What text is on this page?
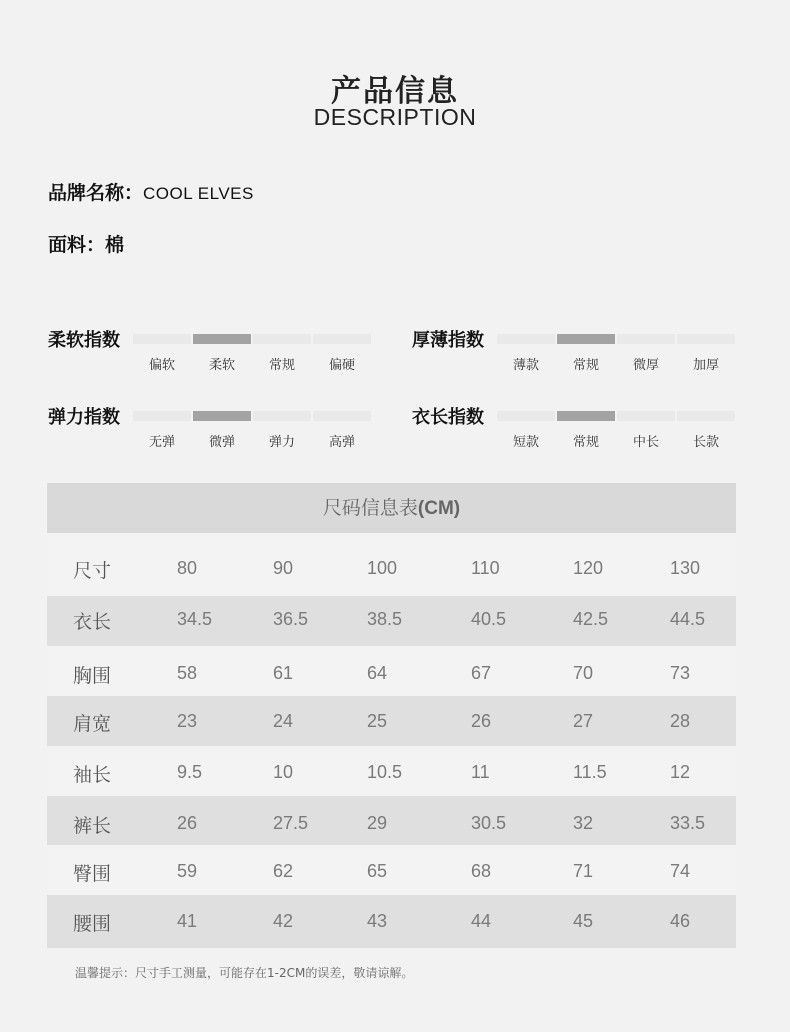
产品信息
DESCRIPTION
品牌名称：COOL ELVES
面料：棉
柔软指数
偏软	柔软	常规	偏硬
厚薄指数
薄款	常规	微厚	加厚
弹力指数
无弹	微弹	弹力	高弹
衣长指数
短款	常规	中长	长款
尺码信息表(CM)
尺寸	80	90	100	110	120	130
衣长	34.5	36.5	38.5	40.5	42.5	44.5
胸围	58	61	64	67	70	73
肩宽	23	24	25	26	27	28
袖长	9.5	10	10.5	11	11.5	12
裤长	26	27.5	29	30.5	32	33.5
臀围	59	62	65	68	71	74
腰围	41	42	43	44	45	46
温馨提示：尺寸手工测量，可能存在1-2CM的误差，敬请谅解。
